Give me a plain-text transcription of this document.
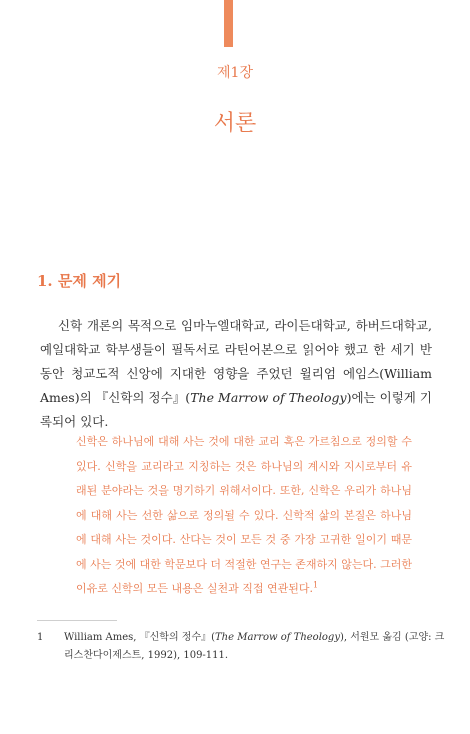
제1장
서론
1. 문제 제기

신학 개론의 목적으로 임마누엘대학교, 라이든대학교, 하버드대학교, 예일대학교 학부생들이 필독서로 라틴어본으로 읽어야 했고 한 세기 반 동안 청교도적 신앙에 지대한 영향을 주었던 윌리엄 에임스(William Ames)의 『신학의 정수』(The Marrow of Theology)에는 이렇게 기록되어 있다.

신학은 하나님에 대해 사는 것에 대한 교리 혹은 가르침으로 정의할 수 있다. 신학을 교리라고 지칭하는 것은 하나님의 계시와 지시로부터 유래된 분야라는 것을 명기하기 위해서이다. 또한, 신학은 우리가 하나님에 대해 사는 선한 삶으로 정의될 수 있다. 신학적 삶의 본질은 하나님에 대해 사는 것이다. 산다는 것이 모든 것 중 가장 고귀한 일이기 때문에 사는 것에 대한 학문보다 더 적절한 연구는 존재하지 않는다. 그러한 이유로 신학의 모든 내용은 실천과 직접 연관된다.$^1$

1	William Ames, 『신학의 정수』(The Marrow of Theology), 서원모 옮김 (고양: 크리스찬다이제스트, 1992), 109-111.
